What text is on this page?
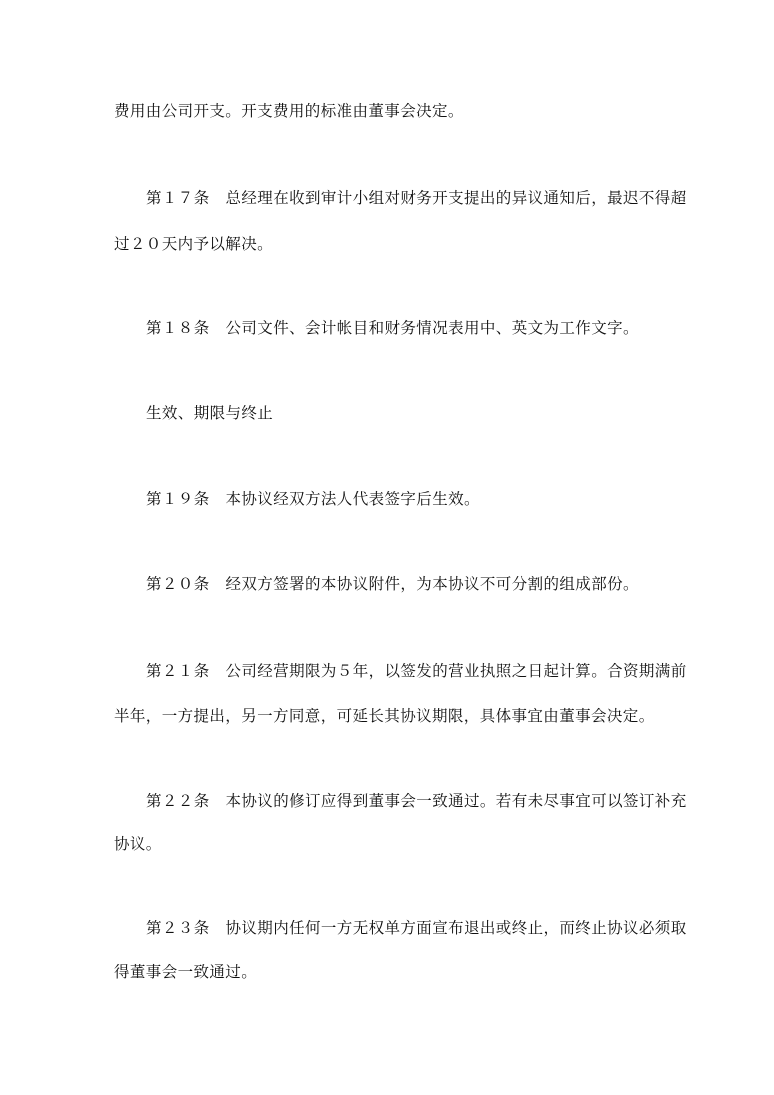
费用由公司开支。开支费用的标准由董事会决定。
第１７条　总经理在收到审计小组对财务开支提出的异议通知后，最迟不得超
过２０天内予以解决。
第１８条　公司文件、会计帐目和财务情况表用中、英文为工作文字。
生效、期限与终止
第１９条　本协议经双方法人代表签字后生效。
第２０条　经双方签署的本协议附件，为本协议不可分割的组成部份。
第２１条　公司经营期限为５年，以签发的营业执照之日起计算。合资期满前
半年，一方提出，另一方同意，可延长其协议期限，具体事宜由董事会决定。
第２２条　本协议的修订应得到董事会一致通过。若有未尽事宜可以签订补充
协议。
第２３条　协议期内任何一方无权单方面宣布退出或终止，而终止协议必须取
得董事会一致通过。
